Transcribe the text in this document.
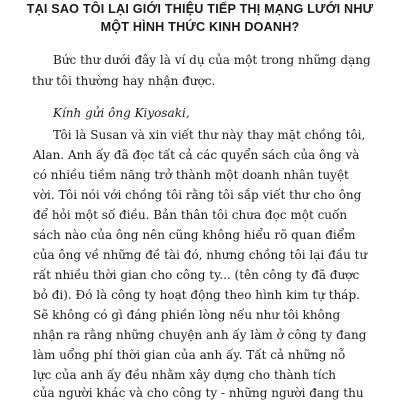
TẠI SAO TÔI LẠI GIỚI THIỆU TIẾP THỊ MẠNG LƯỚI NHƯ
MỘT HÌNH THỨC KINH DOANH?
Bức thư dưới đây là ví dụ của một trong những dạng
thư tôi thường hay nhận được.
Kính gửi ông Kiyosaki,
Tôi là Susan và xin viết thư này thay mặt chồng tôi,
Alan. Anh ấy đã đọc tất cả các quyển sách của ông và
có nhiều tiềm năng trở thành một doanh nhân tuyệt
vời. Tôi nói với chồng tôi rằng tôi sắp viết thư cho ông
để hỏi một số điều. Bản thân tôi chưa đọc một cuốn
sách nào của ông nên cũng không hiểu rõ quan điểm
của ông về những đề tài đó, nhưng chồng tôi lại đầu tư
rất nhiều thời gian cho công ty... (tên công ty đã được
bỏ đi). Đó là công ty hoạt động theo hình kim tự tháp.
Sẽ không có gì đáng phiền lòng nếu như tôi không
nhận ra rằng những chuyện anh ấy làm ở công ty đang
làm uổng phí thời gian của anh ấy. Tất cả những nỗ
lực của anh ấy đều nhằm xây dựng cho thành tích
của người khác và cho công ty - những người đang thu
